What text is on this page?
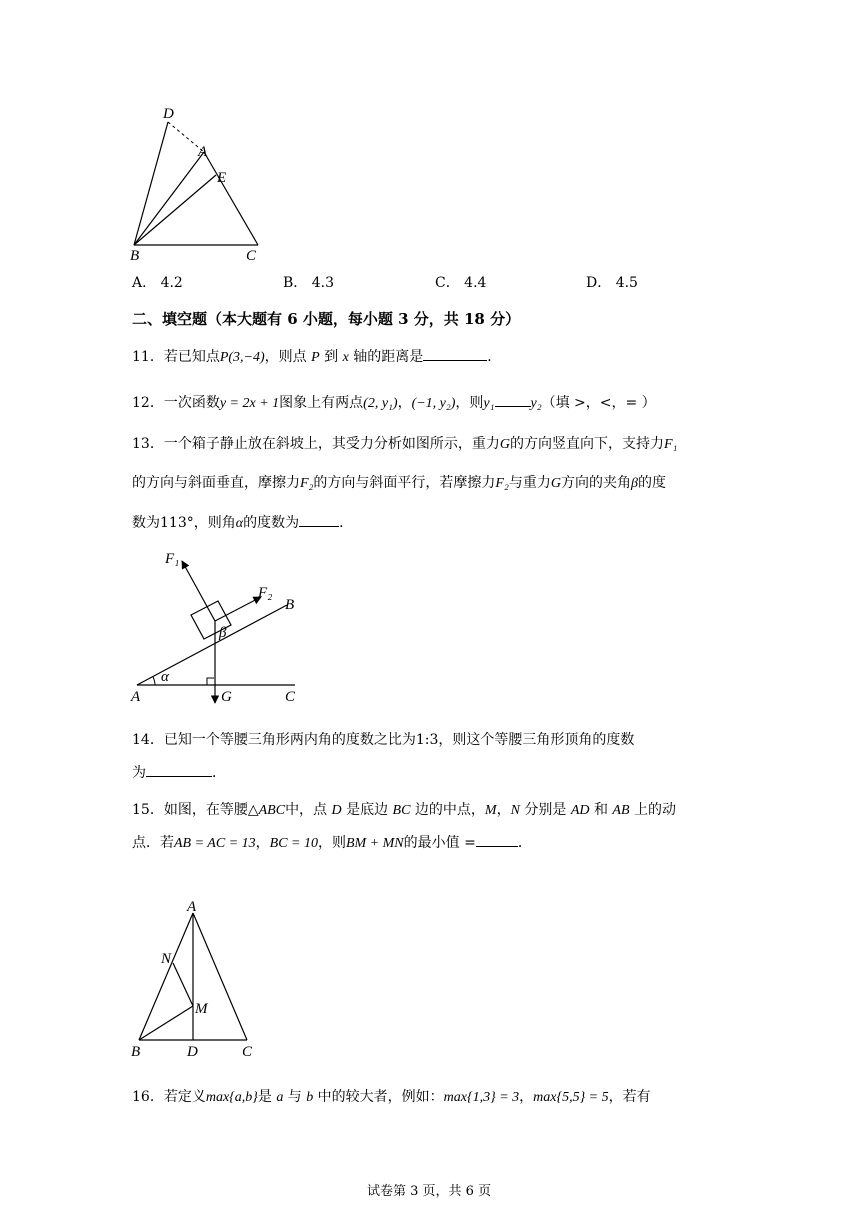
D
A
E
B	C
A． 4.2	B． 4.3	C． 4.4	D． 4.5
二、填空题（本大题有 6 小题，每小题 3 分，共 18 分）
11．若已知点P(3,−4)，则点 P 到 x 轴的距离是	．
12．一次函数y = 2x + 1图象上有两点(2, y₁)，(−1, y₂)，则y₁	y₂（填 >，<，= ）
13．一个箱子静止放在斜坡上，其受力分析如图所示，重力G的方向竖直向下，支持力F₁
的方向与斜面垂直，摩擦力F₂的方向与斜面平行，若摩擦力F₂与重力G方向的夹角β的度
数为113°，则角α的度数为	．
F₁
F₂
B
β
A
α
G	C
14．已知一个等腰三角形两内角的度数之比为1:3，则这个等腰三角形顶角的度数
为	．
15．如图，在等腰△ABC中，点 D 是底边 BC 边的中点，M，N 分别是 AD 和 AB 上的动
点．若AB = AC = 13，BC = 10，则BM + MN的最小值 =	．
A
N
M
B	D	C
16．若定义max{a,b}是 a 与 b 中的较大者，例如：max{1,3} = 3，max{5,5} = 5，若有
试卷第 3 页，共 6 页
